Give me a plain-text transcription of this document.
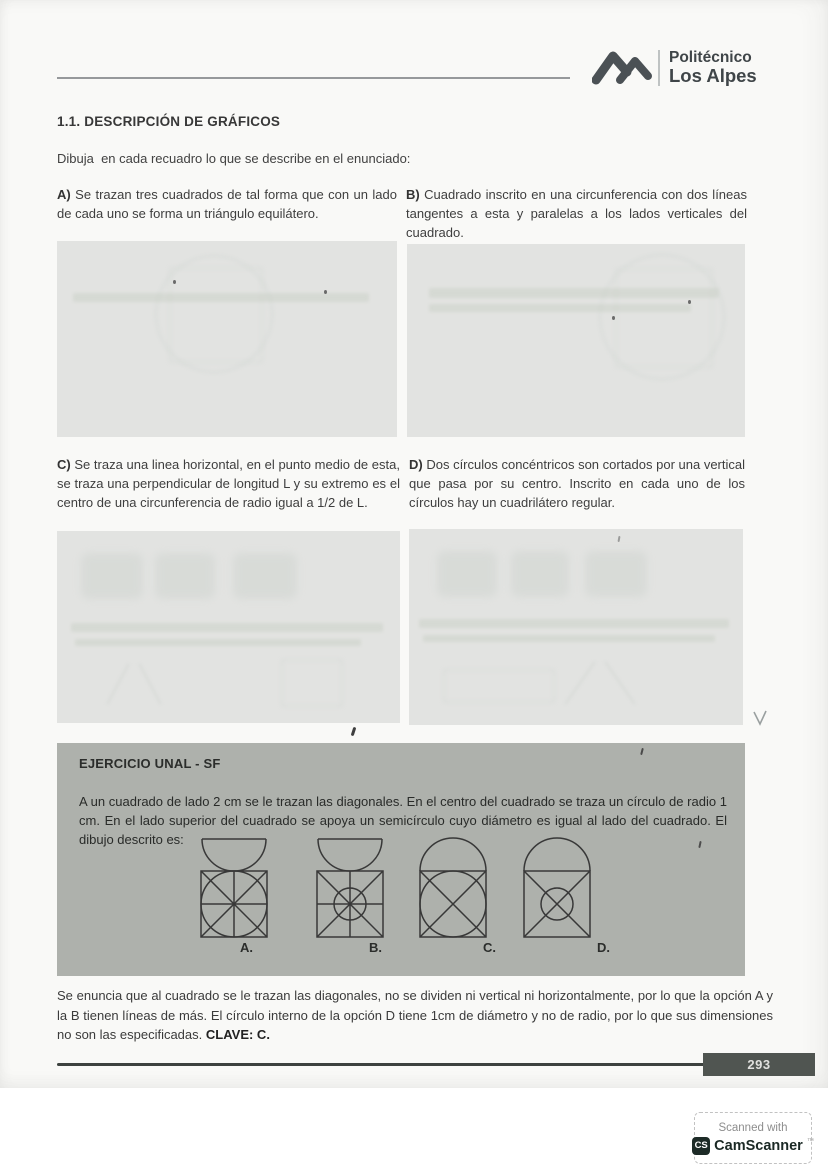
Politécnico
Los Alpes
1.1. DESCRIPCIÓN DE GRÁFICOS

Dibuja  en cada recuadro lo que se describe en el enunciado:

A) Se trazan tres cuadrados de tal forma que con un lado de cada uno se forma un triángulo equilátero.

B) Cuadrado inscrito en una circunferencia con dos líneas tangentes a esta y paralelas a los lados verticales del cuadrado.

C) Se traza una linea horizontal, en el punto medio de esta, se traza una perpendicular de longitud L y su extremo es el centro de una circunferencia de radio igual a 1/2 de L.

D) Dos círculos concéntricos son cortados por una vertical que pasa por su centro. Inscrito en cada uno de los círculos hay un cuadrilátero regular.

EJERCICIO UNAL - SF

A un cuadrado de lado 2 cm se le trazan las diagonales. En el centro del cuadrado se traza un círculo de radio 1 cm. En el lado superior del cuadrado se apoya un semicírculo cuyo diámetro es igual al lado del cuadrado. El dibujo descrito es:

A.	B.	C.	D.

Se enuncia que al cuadrado se le trazan las diagonales, no se dividen ni vertical ni horizontalmente, por lo que la opción A y la B tienen líneas de más. El círculo interno de la opción D tiene 1cm de diámetro y no de radio, por lo que sus dimensiones no son las especificadas. CLAVE: C.

293
Scanned with
CS CamScanner ™
